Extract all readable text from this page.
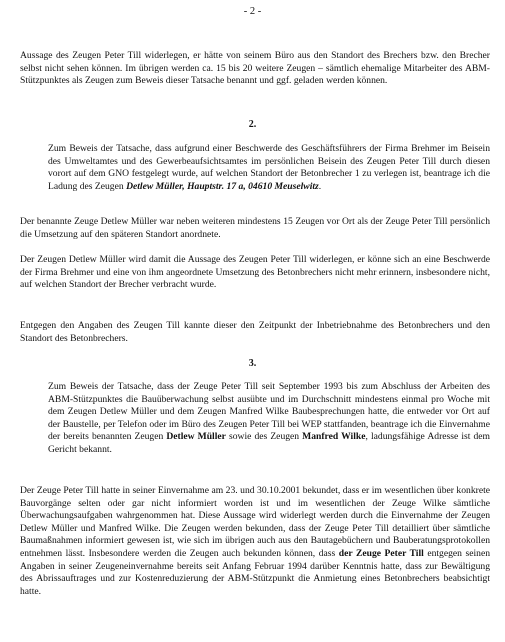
- 2 -

Aussage des Zeugen Peter Till widerlegen, er hätte von seinem Büro aus den Standort des Brechers bzw. den Brecher selbst nicht sehen können. Im übrigen werden ca. 15 bis 20 weitere Zeugen – sämtlich ehemalige Mitarbeiter des ABM-Stützpunktes als Zeugen zum Beweis dieser Tatsache benannt und ggf. geladen werden können.

2.

Zum Beweis der Tatsache, dass aufgrund einer Beschwerde des Geschäftsführers der Firma Brehmer im Beisein des Umweltamtes und des Gewerbeaufsichtsamtes im persönlichen Beisein des Zeugen Peter Till durch diesen vorort auf dem GNO festgelegt wurde, auf welchen Standort der Betonbrecher 1 zu verlegen ist, beantrage ich die Ladung des Zeugen Detlew Müller, Hauptstr. 17 a, 04610 Meuselwitz.

Der benannte Zeuge Detlew Müller war neben weiteren mindestens 15 Zeugen vor Ort als der Zeuge Peter Till persönlich die Umsetzung auf den späteren Standort anordnete.

Der Zeugen Detlew Müller wird damit die Aussage des Zeugen Peter Till widerlegen, er könne sich an eine Beschwerde der Firma Brehmer und eine von ihm angeordnete Umsetzung des Betonbrechers nicht mehr erinnern, insbesondere nicht, auf welchen Standort der Brecher verbracht wurde.

Entgegen den Angaben des Zeugen Till kannte dieser den Zeitpunkt der Inbetriebnahme des Betonbrechers und den Standort des Betonbrechers.

3.

Zum Beweis der Tatsache, dass der Zeuge Peter Till seit September 1993 bis zum Abschluss der Arbeiten des ABM-Stützpunktes die Bauüberwachung selbst ausübte und im Durchschnitt mindestens einmal pro Woche mit dem Zeugen Detlew Müller und dem Zeugen Manfred Wilke Baubesprechungen hatte, die entweder vor Ort auf der Baustelle, per Telefon oder im Büro des Zeugen Peter Till bei WEP stattfanden, beantrage ich die Einvernahme der bereits benannten Zeugen Detlew Müller sowie des Zeugen Manfred Wilke, ladungsfähige Adresse ist dem Gericht bekannt.

Der Zeuge Peter Till hatte in seiner Einvernahme am 23. und 30.10.2001 bekundet, dass er im wesentlichen über konkrete Bauvorgänge selten oder gar nicht informiert worden ist und im wesentlichen der Zeuge Wilke sämtliche Überwachungsaufgaben wahrgenommen hat. Diese Aussage wird widerlegt werden durch die Einvernahme der Zeugen Detlew Müller und Manfred Wilke. Die Zeugen werden bekunden, dass der Zeuge Peter Till detailliert über sämtliche Baumaßnahmen informiert gewesen ist, wie sich im übrigen auch aus den Bautagebüchern und Bauberatungsprotokollen entnehmen lässt. Insbesondere werden die Zeugen auch bekunden können, dass der Zeuge Peter Till entgegen seinen Angaben in seiner Zeugeneinvernahme bereits seit Anfang Februar 1994 darüber Kenntnis hatte, dass zur Bewältigung des Abrissauftrages und zur Kostenreduzierung der ABM-Stützpunkt die Anmietung eines Betonbrechers beabsichtigt hatte.
